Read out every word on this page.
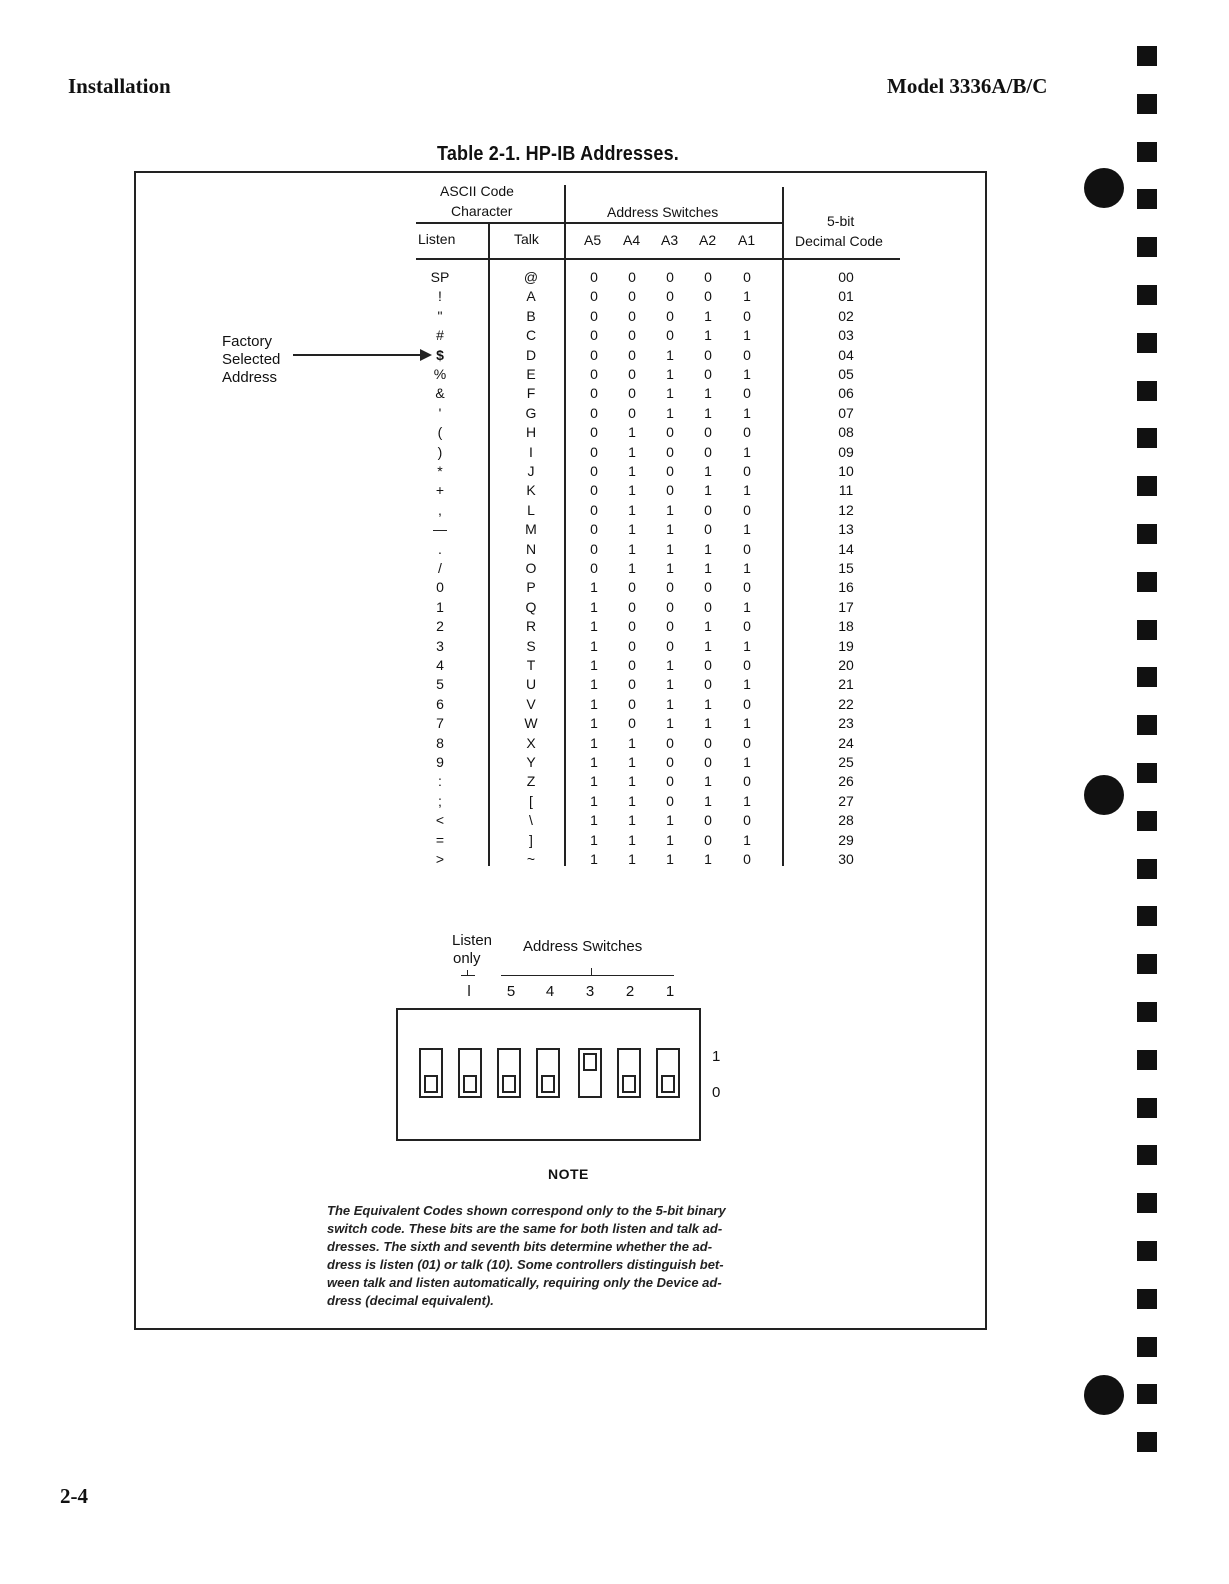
Installation	Model 3336A/B/C
Table 2-1. HP-IB Addresses.
ASCII Code
Character	Address Switches
5-bit
Decimal Code
Listen	Talk	A5 A4 A3 A2 A1
SP	@	0	0	0	0	0	00
!	A	0	0	0	0	1	01
"	B	0	0	0	1	0	02
#	C	0	0	0	1	1	03
$	D	0	0	1	0	0	04
%	E	0	0	1	0	1	05
&	F	0	0	1	1	0	06
'	G	0	0	1	1	1	07
(	H	0	1	0	0	0	08
)	I	0	1	0	0	1	09
*	J	0	1	0	1	0	10
+	K	0	1	0	1	1	11
,	L	0	1	1	0	0	12
—	M	0	1	1	0	1	13
.	N	0	1	1	1	0	14
/	O	0	1	1	1	1	15
0	P	1	0	0	0	0	16
1	Q	1	0	0	0	1	17
2	R	1	0	0	1	0	18
3	S	1	0	0	1	1	19
4	T	1	0	1	0	0	20
5	U	1	0	1	0	1	21
6	V	1	0	1	1	0	22
7	W	1	0	1	1	1	23
8	X	1	1	0	0	0	24
9	Y	1	1	0	0	1	25
:	Z	1	1	0	1	0	26
;	[	1	1	0	1	1	27
<	\	1	1	1	0	0	28
=	]	1	1	1	0	1	29
>	~	1	1	1	1	0	30
Factory
Selected
Address
Listen
only
Address Switches
l	5	4	3	2	1
1
0
NOTE

The Equivalent Codes shown correspond only to the 5-bit binary

switch code. These bits are the same for both listen and talk ad-

dresses. The sixth and seventh bits determine whether the ad-

dress is listen (01) or talk (10). Some controllers distinguish bet-

ween talk and listen automatically, requiring only the Device ad-

dress (decimal equivalent).

2-4
